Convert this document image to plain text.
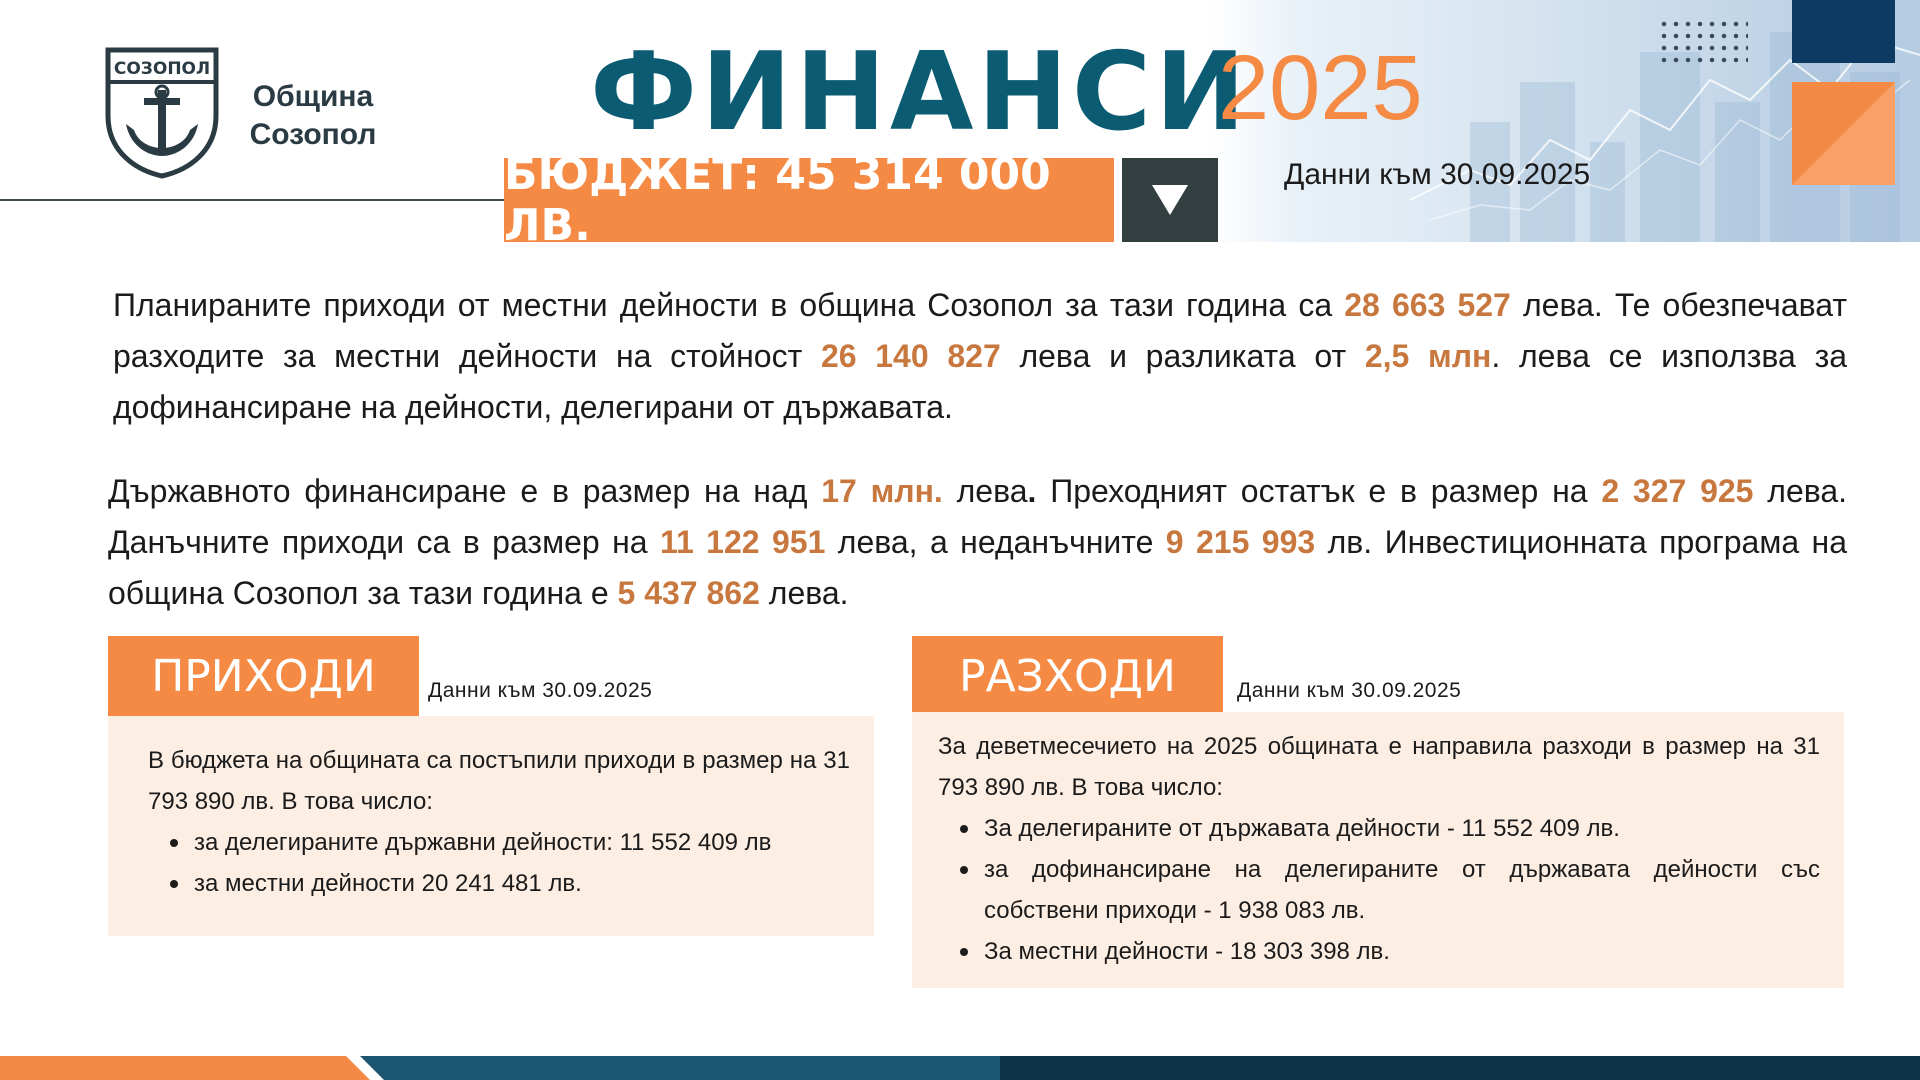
СОЗОПОЛ
Община
Созопол ФИНАНСИ
2025
БЮДЖЕТ: 45 314 000 ЛВ.
Данни към 30.09.2025
Планираните приходи от местни дейности в община Созопол за тази година са 28 663 527 лева. Те обезпечават разходите за местни дейности на стойност 26 140 827 лева и разликата от 2,5 млн. лева се използва за дофинансиране на дейности, делегирани от държавата.
Държавното финансиране е в размер на над 17 млн. лева. Преходният остатък е в размер на 2 327 925 лева. Данъчните приходи са в размер на 11 122 951 лева, а неданъчните 9 215 993 лв. Инвестиционната програма на община Созопол за тази година е 5 437 862 лева.
ПРИХОДИ	Данни към 30.09.2025
В бюджета на общината са постъпили приходи в размер на 31 793 890 лв. В това число:
за делегираните държавни дейности: 11 552 409 лв
за местни дейности 20 241 481 лв.
РАЗХОДИ	Данни към 30.09.2025
За деветмесечието на 2025 общината е направила разходи в размер на 31 793 890 лв. В това число:
За делегираните от държавата дейности - 11 552 409 лв.
за дофинансиране на делегираните от държавата дейности със собствени приходи - 1 938 083 лв.
За местни дейности - 18 303 398 лв.
